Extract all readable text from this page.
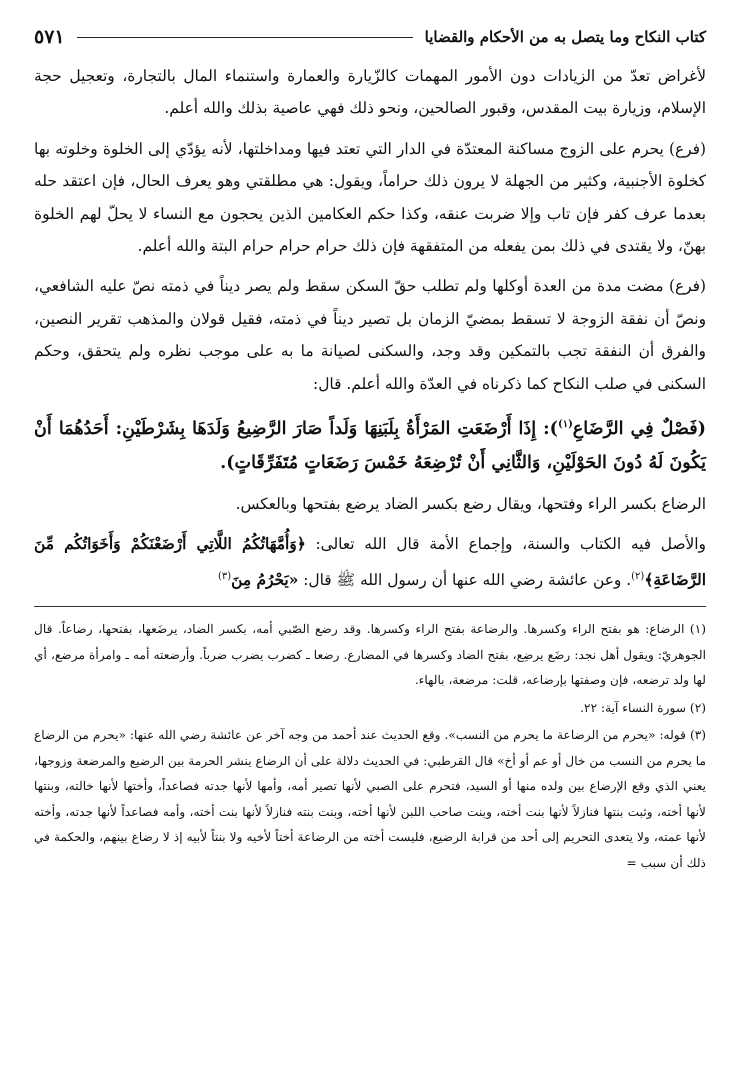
كتاب النكاح وما يتصل به من الأحكام والقضايا
٥٧١

لأغراض تعدّ من الزيادات دون الأمور المهمات كالزّيارة والعمارة واستنماء المال بالتجارة، وتعجيل حجة الإسلام، وزيارة بيت المقدس، وقبور الصالحين، ونحو ذلك فهي عاصية بذلك والله أعلم.

(فرع) يحرم على الزوج مساكنة المعتدّة في الدار التي تعتد فيها ومداخلتها، لأنه يؤدّي إلى الخلوة وخلوته بها كخلوة الأجنبية، وكثير من الجهلة لا يرون ذلك حراماً، ويقول: هي مطلقتي وهو يعرف الحال، فإن اعتقد حله بعدما عرف كفر فإن تاب وإلا ضربت عنقه، وكذا حكم العكامين الذين يحجون مع النساء لا يحلّ لهم الخلوة بهنّ، ولا يقتدى في ذلك بمن يفعله من المتفقهة فإن ذلك حرام حرام حرام البتة والله أعلم.

(فرع) مضت مدة من العدة أوكلها ولم تطلب حقّ السكن سقط ولم يصر ديناً في ذمته نصّ عليه الشافعي، ونصّ أن نفقة الزوجة لا تسقط بمضيّ الزمان بل تصير ديناً في ذمته، فقيل قولان والمذهب تقرير النصين، والفرق أن النفقة تجب بالتمكين وقد وجد، والسكنى لصيانة ما به على موجب نظره ولم يتحقق، وحكم السكنى في صلب النكاح كما ذكرناه في العدّة والله أعلم. قال:

(فَصْلٌ فِي الرَّضَاعِ$^{(١)}$): إِذَا أَرْضَعَتِ المَرْأَةُ بِلَبَنِهَا وَلَداً صَارَ الرَّضِيعُ وَلَدَهَا بِشَرْطَيْنِ: أَحَدُهُمَا أَنْ يَكُونَ لَهُ دُونَ الحَوْلَيْنِ، وَالثَّانِي أَنْ تُرْضِعَهُ خَمْسَ رَضَعَاتٍ مُتَفَرِّقَاتٍ).

الرضاع بكسر الراء وفتحها، ويقال رضع بكسر الضاد يرضع بفتحها وبالعكس.

والأصل فيه الكتاب والسنة، وإجماع الأمة قال الله تعالى: ﴿وَأُمَّهَاتُكُمُ اللَّاتِي أَرْضَعْنَكُمْ وَأَخَوَاتُكُم مِّنَ الرَّضَاعَةِ﴾$^{(٢)}$. وعن عائشة رضي الله عنها أن رسول الله ﷺ قال: «يَحْرُمُ مِنَ$^{(٣)}$

(١) الرضاع: هو بفتح الراء وكسرها. والرضاعة بفتح الراء وكسرها. وقد رضع الصّبي أمه، بكسر الضاد، يرضَعها، بفتحها، رضاعاً. قال الجوهريّ: ويقول أهل نجد: رضَع يرضِع، بفتح الضاد وكسرها في المضارع. رضعا ـ كضرب يضرب ضرباً. وأرضعته أمه ـ وامرأة مرضع، أي لها ولد ترضعه، فإن وصفتها بإرضاعه، قلت: مرضعة، بالهاء.

(٢) سورة النساء آية: ٢٢.

(٣) قوله: «يحرم من الرضاعة ما يحرم من النسب». وقع الحديث عند أحمد من وجه آخر عن عائشة رضي الله عنها: «يحرم من الرضاع ما يحرم من النسب من خال أو عم أو أخ» قال القرطبي: في الحديث دلالة على أن الرضاع ينشر الحرمة بين الرضيع والمرضعة وزوجها، يعني الذي وقع الإرضاع بين ولده منها أو السيد، فتحرم على الصبي لأنها تصير أمه، وأمها لأنها جدته فصاعداً، وأختها لأنها خالته، وبنتها لأنها أخته، وثبت بنتها فنازلاً لأنها بنت أخته، وبنت صاحب اللبن لأنها أخته، وبنت بنته فنازلاً لأنها بنت أخته، وأمه فصاعداً لأنها جدته، وأخته لأنها عمته، ولا يتعدى التحريم إلى أحد من قرابة الرضيع، فليست أخته من الرضاعة أختاً لأخيه ولا بنتاً لأبيه إذ لا رضاع بينهم، والحكمة في ذلك أن سبب =
